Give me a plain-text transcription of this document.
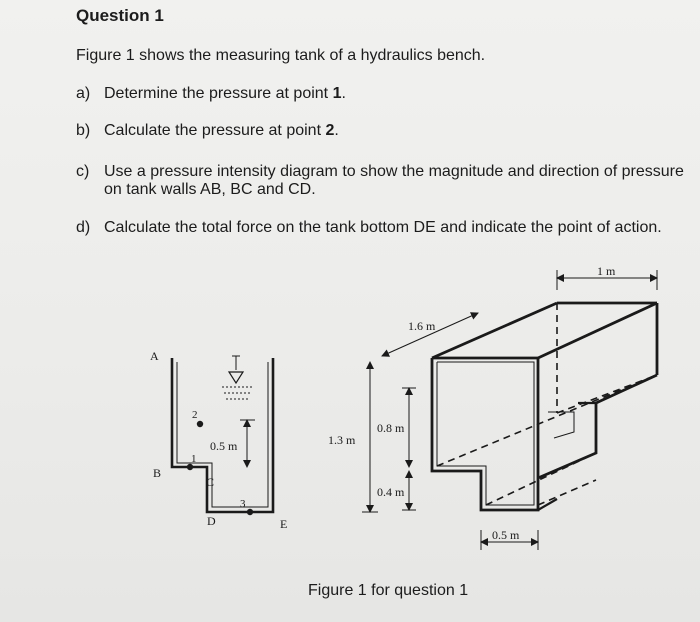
Question 1
Figure 1 shows the measuring tank of a hydraulics bench.
a) Determine the pressure at point 1.
b) Calculate the pressure at point 2.
c) Use a pressure intensity diagram to show the magnitude and direction of pressure
on tank walls AB, BC and CD.
d) Calculate the total force on the tank bottom DE and indicate the point of action.
0.5 m
A
B
C
D	E
1
2
3
1 m
1.6 m
1.3 m
0.8 m
0.4 m
0.5 m
Figure 1 for question 1
